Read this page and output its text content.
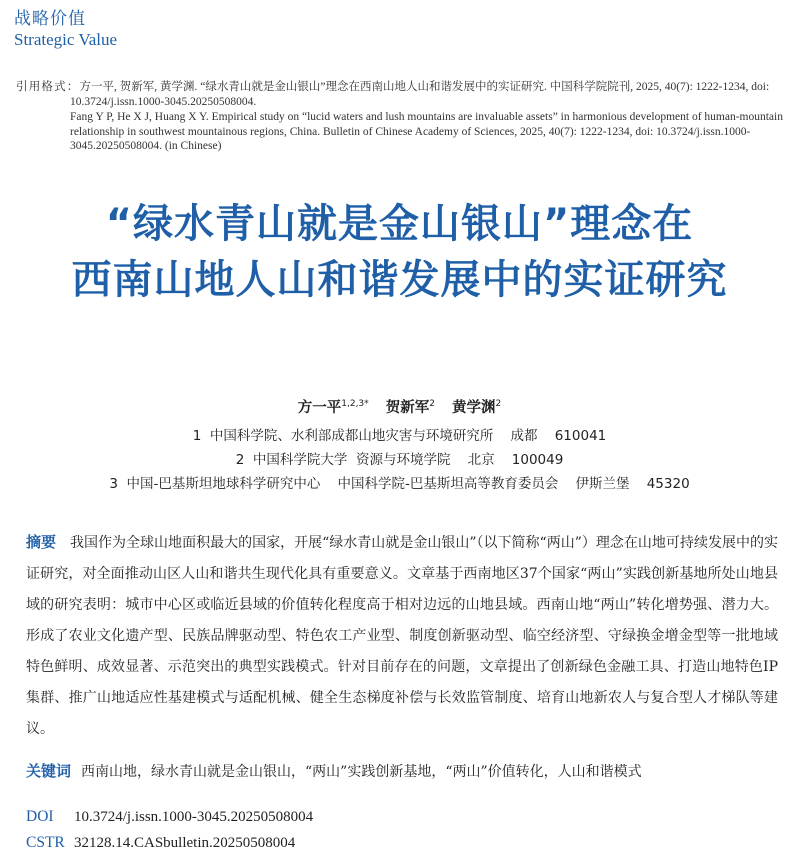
战略价值
Strategic Value
引用格式：方一平, 贺新军, 黄学渊. “绿水青山就是金山银山”理念在西南山地人山和谐发展中的实证研究. 中国科学院院刊, 2025, 40(7): 1222-1234, doi: 10.3724/j.issn.1000-3045.20250508004.
Fang Y P, He X J, Huang X Y. Empirical study on “lucid waters and lush mountains are invaluable assets” in harmonious development of human-mountain relationship in southwest mountainous regions, China. Bulletin of Chinese Academy of Sciences, 2025, 40(7): 1222-1234, doi: 10.3724/j.issn.1000-3045.20250508004. (in Chinese)
“绿水青山就是金山银山”理念在
西南山地人山和谐发展中的实证研究
方一平$^{1,2,3*}$ 贺新军$^2$ 黄学渊$^2$
1  中国科学院、水利部成都山地灾害与环境研究所    成都    610041
2  中国科学院大学  资源与环境学院    北京    100049
3  中国-巴基斯坦地球科学研究中心    中国科学院-巴基斯坦高等教育委员会    伊斯兰堡    45320
摘要 我国作为全球山地面积最大的国家，开展“绿水青山就是金山银山”（以下简称“两山”）理念在山地可持续发展中的实证研究，对全面推动山区人山和谐共生现代化具有重要意义。文章基于西南地区37个国家“两山”实践创新基地所处山地县域的研究表明：城市中心区或临近县域的价值转化程度高于相对边远的山地县域。西南山地“两山”转化增势强、潜力大。形成了农业文化遗产型、民族品牌驱动型、特色农工产业型、制度创新驱动型、临空经济型、守绿换金增金型等一批地域特色鲜明、成效显著、示范突出的典型实践模式。针对目前存在的问题，文章提出了创新绿色金融工具、打造山地特色IP集群、推广山地适应性基建模式与适配机械、健全生态梯度补偿与长效监管制度、培育山地新农人与复合型人才梯队等建议。
关键词 西南山地，绿水青山就是金山银山，“两山”实践创新基地，“两山”价值转化，人山和谐模式
DOI 10.3724/j.issn.1000-3045.20250508004
CSTR 32128.14.CASbulletin.20250508004
